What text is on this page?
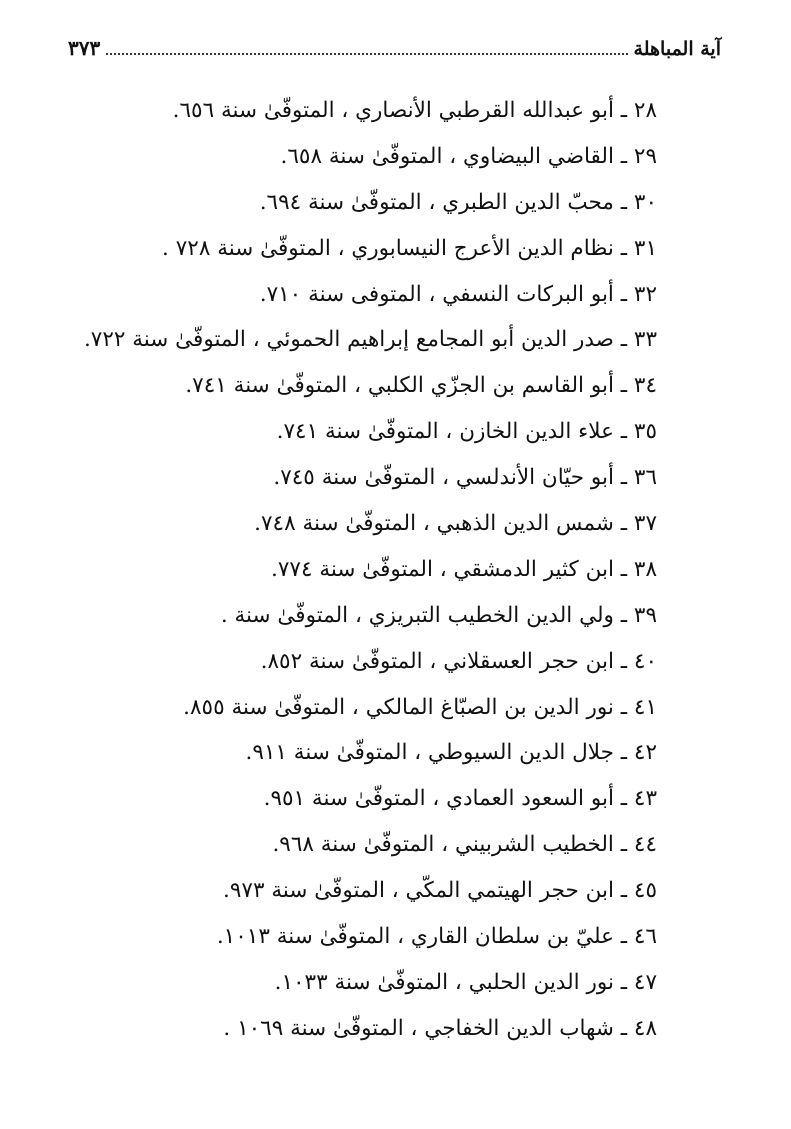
آية المباهلة
٣٧٣
٢٨ ـ أبو عبدالله القرطبي الأنصاري ، المتوفّىٰ سنة ٦٥٦.
٢٩ ـ القاضي البيضاوي ، المتوفّىٰ سنة ٦٥٨.
٣٠ ـ محبّ الدين الطبري ، المتوفّىٰ سنة ٦٩٤.
٣١ ـ نظام الدين الأعرج النيسابوري ، المتوفّىٰ سنة ٧٢٨ .
٣٢ ـ أبو البركات النسفي ، المتوفى سنة ٧١٠.
٣٣ ـ صدر الدين أبو المجامع إبراهيم الحموئي ، المتوفّىٰ سنة ٧٢٢.
٣٤ ـ أبو القاسم بن الجزّي الكلبي ، المتوفّىٰ سنة ٧٤١.
٣٥ ـ علاء الدين الخازن ، المتوفّىٰ سنة ٧٤١.
٣٦ ـ أبو حيّان الأندلسي ، المتوفّىٰ سنة ٧٤٥.
٣٧ ـ شمس الدين الذهبي ، المتوفّىٰ سنة ٧٤٨.
٣٨ ـ ابن كثير الدمشقي ، المتوفّىٰ سنة ٧٧٤.
٣٩ ـ ولي الدين الخطيب التبريزي ، المتوفّىٰ سنة .
٤٠ ـ ابن حجر العسقلاني ، المتوفّىٰ سنة ٨٥٢.
٤١ ـ نور الدين بن الصبّاغ المالكي ، المتوفّىٰ سنة ٨٥٥.
٤٢ ـ جلال الدين السيوطي ، المتوفّىٰ سنة ٩١١.
٤٣ ـ أبو السعود العمادي ، المتوفّىٰ سنة ٩٥١.
٤٤ ـ الخطيب الشربيني ، المتوفّىٰ سنة ٩٦٨.
٤٥ ـ ابن حجر الهيتمي المكّي ، المتوفّىٰ سنة ٩٧٣.
٤٦ ـ عليّ بن سلطان القاري ، المتوفّىٰ سنة ١٠١٣.
٤٧ ـ نور الدين الحلبي ، المتوفّىٰ سنة ١٠٣٣.
٤٨ ـ شهاب الدين الخفاجي ، المتوفّىٰ سنة ١٠٦٩ .
